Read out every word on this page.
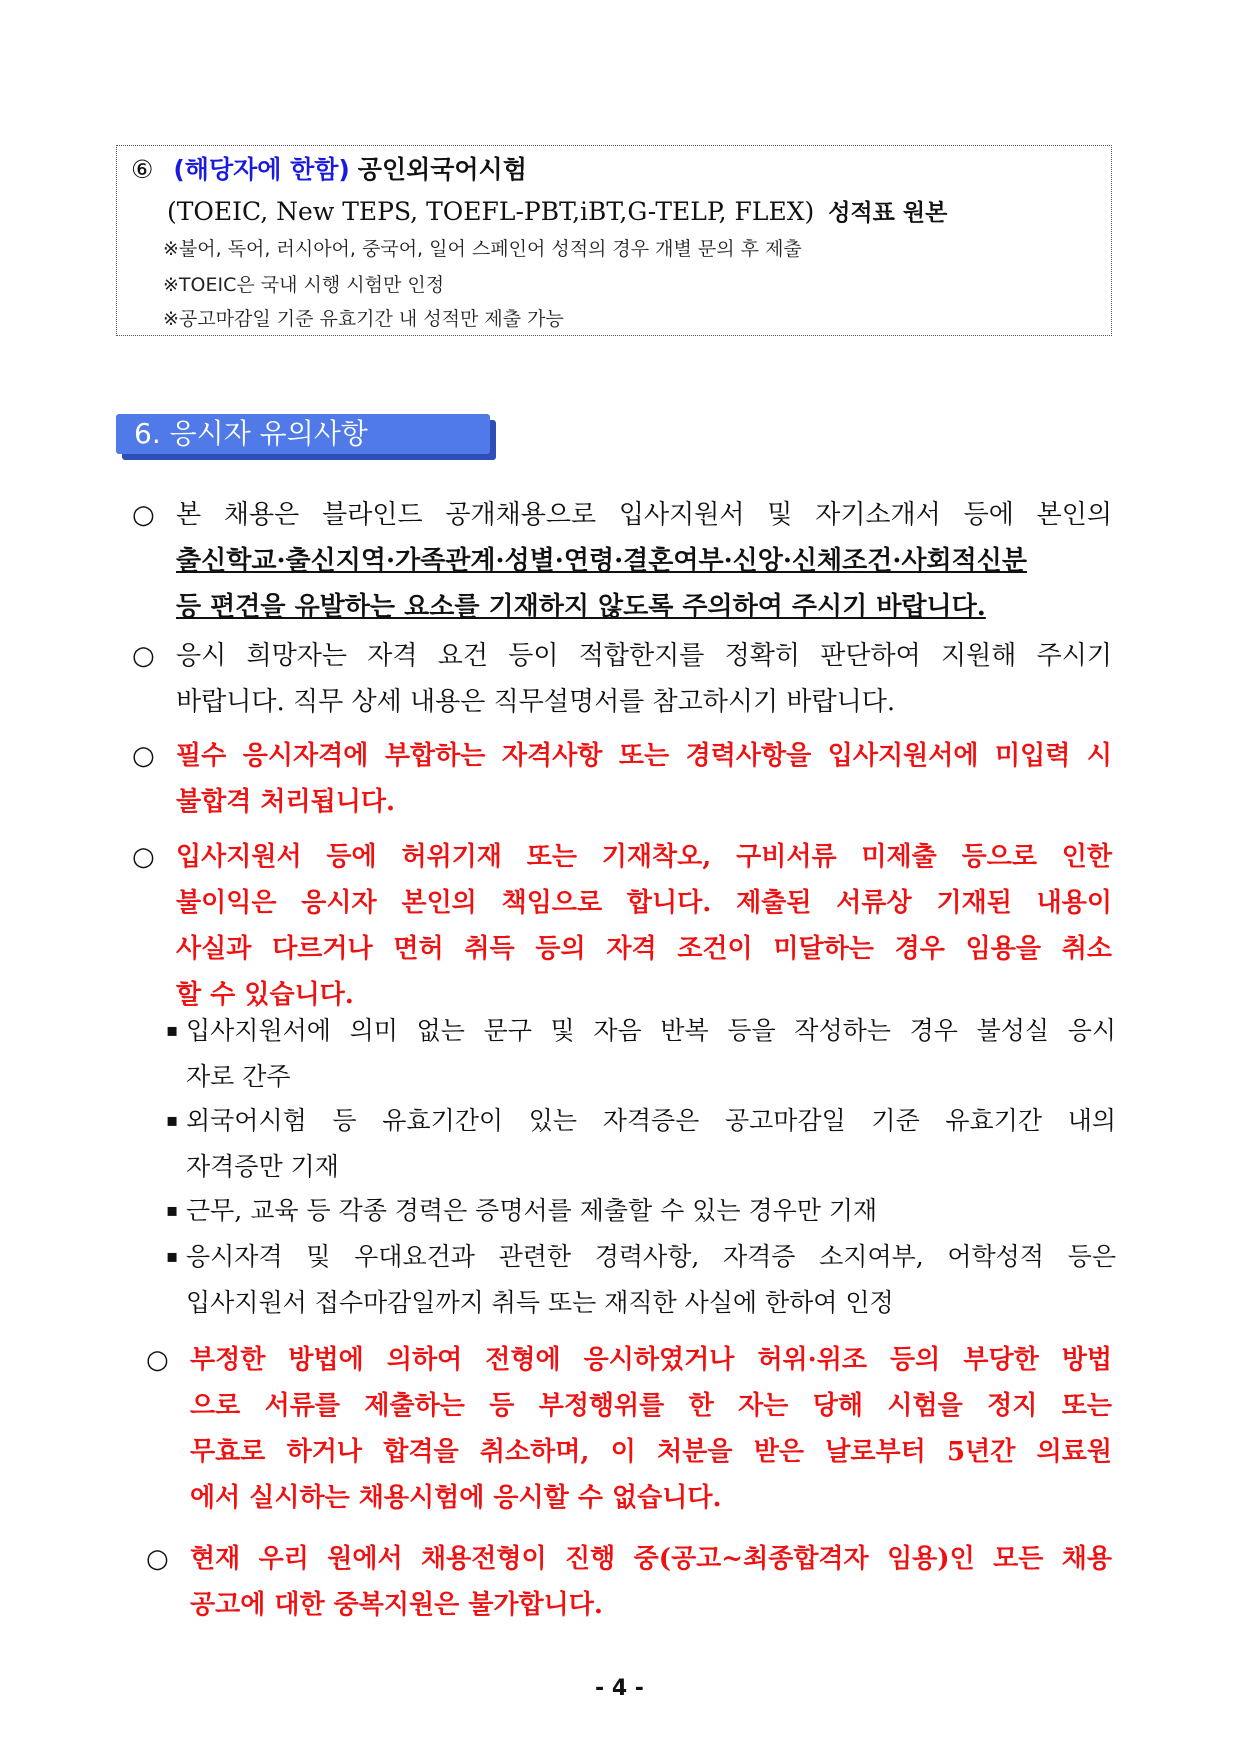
⑥ (해당자에 한함) 공인외국어시험
(TOEIC, New TEPS, TOEFL-PBT,iBT,G-TELP, FLEX) 성적표 원본
※불어, 독어, 러시아어, 중국어, 일어 스페인어 성적의 경우 개별 문의 후 제출
※TOEIC은 국내 시행 시험만 인정
※공고마감일 기준 유효기간 내 성적만 제출 가능
6. 응시자 유의사항
○ 본 채용은 블라인드 공개채용으로 입사지원서 및 자기소개서 등에 본인의
출신학교·출신지역·가족관계·성별·연령·결혼여부·신앙·신체조건·사회적신분
등 편견을 유발하는 요소를 기재하지 않도록 주의하여 주시기 바랍니다.
○ 응시 희망자는 자격 요건 등이 적합한지를 정확히 판단하여 지원해 주시기
바랍니다. 직무 상세 내용은 직무설명서를 참고하시기 바랍니다.
○ 필수 응시자격에 부합하는 자격사항 또는 경력사항을 입사지원서에 미입력 시
불합격 처리됩니다.
○ 입사지원서 등에 허위기재 또는 기재착오, 구비서류 미제출 등으로 인한
불이익은 응시자 본인의 책임으로 합니다. 제출된 서류상 기재된 내용이
사실과 다르거나 면허 취득 등의 자격 조건이 미달하는 경우 임용을 취소
할 수 있습니다.
▪ 입사지원서에 의미 없는 문구 및 자음 반복 등을 작성하는 경우 불성실 응시
자로 간주
▪ 외국어시험 등 유효기간이 있는 자격증은 공고마감일 기준 유효기간 내의
자격증만 기재
▪ 근무, 교육 등 각종 경력은 증명서를 제출할 수 있는 경우만 기재
▪ 응시자격 및 우대요건과 관련한 경력사항, 자격증 소지여부, 어학성적 등은
입사지원서 접수마감일까지 취득 또는 재직한 사실에 한하여 인정
○ 부정한 방법에 의하여 전형에 응시하였거나 허위·위조 등의 부당한 방법
으로 서류를 제출하는 등 부정행위를 한 자는 당해 시험을 정지 또는
무효로 하거나 합격을 취소하며, 이 처분을 받은 날로부터 5년간 의료원
에서 실시하는 채용시험에 응시할 수 없습니다.
○ 현재 우리 원에서 채용전형이 진행 중(공고~최종합격자 임용)인 모든 채용
공고에 대한 중복지원은 불가합니다.
- 4 -
